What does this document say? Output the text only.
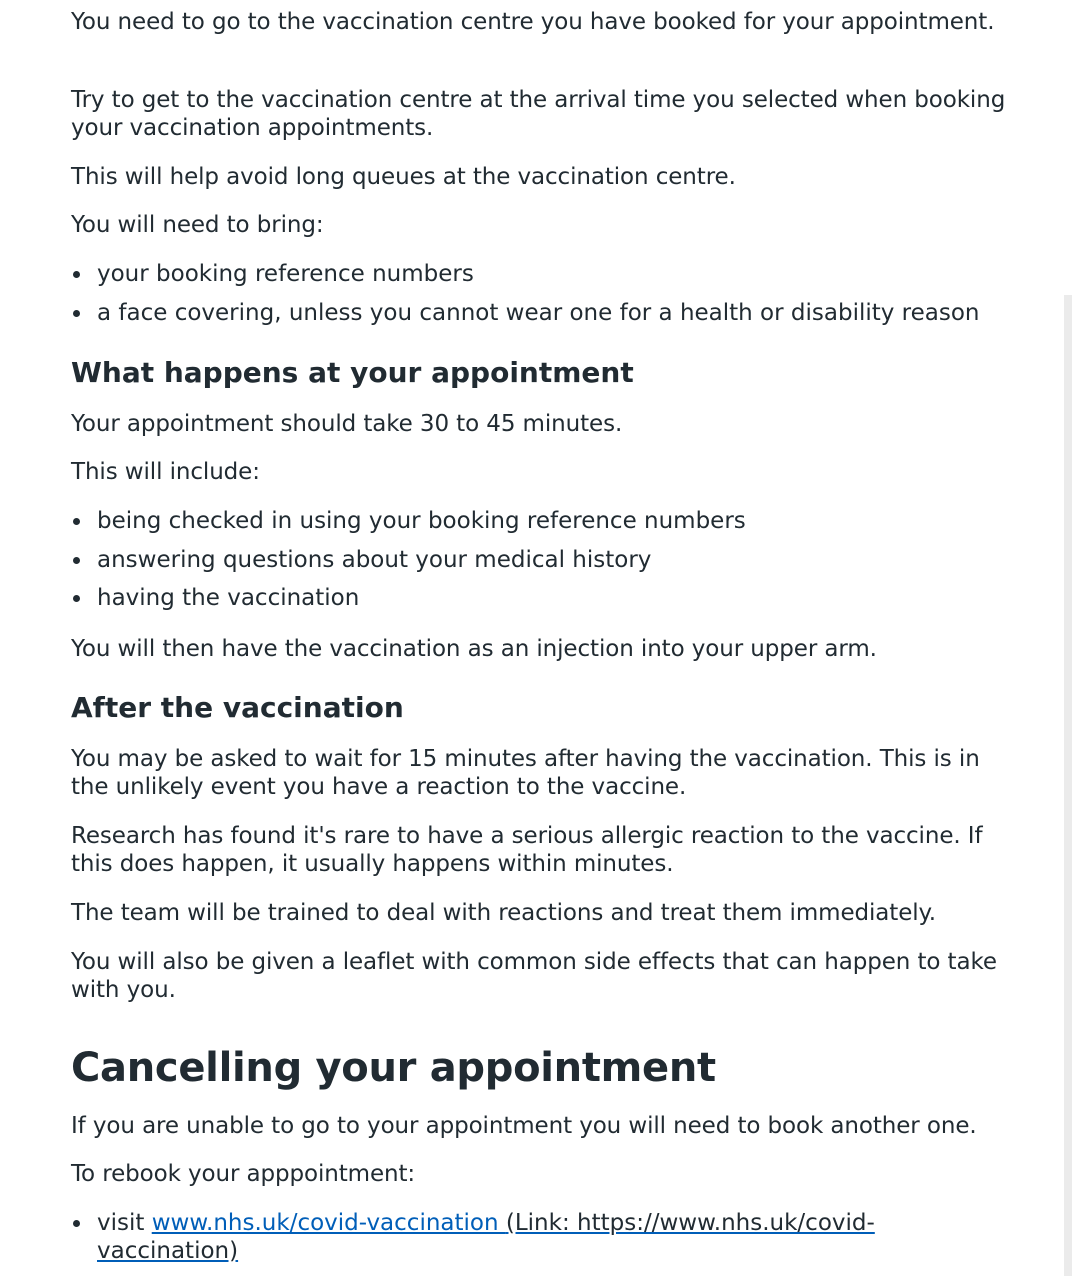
You need to go to the vaccination centre you have booked for your appointment.

Try to get to the vaccination centre at the arrival time you selected when booking your vaccination appointments.

This will help avoid long queues at the vaccination centre.

You will need to bring:

your booking reference numbers
a face covering, unless you cannot wear one for a health or disability reason
What happens at your appointment

Your appointment should take 30 to 45 minutes.

This will include:

being checked in using your booking reference numbers
answering questions about your medical history
having the vaccination

You will then have the vaccination as an injection into your upper arm.

After the vaccination

You may be asked to wait for 15 minutes after having the vaccination. This is in the unlikely event you have a reaction to the vaccine.

Research has found it's rare to have a serious allergic reaction to the vaccine. If this does happen, it usually happens within minutes.

The team will be trained to deal with reactions and treat them immediately.

You will also be given a leaflet with common side effects that can happen to take with you.

Cancelling your appointment

If you are unable to go to your appointment you will need to book another one.

To rebook your apppointment:

visit www.nhs.uk/covid-vaccination (Link: https://www.nhs.uk/covid-vaccination)
